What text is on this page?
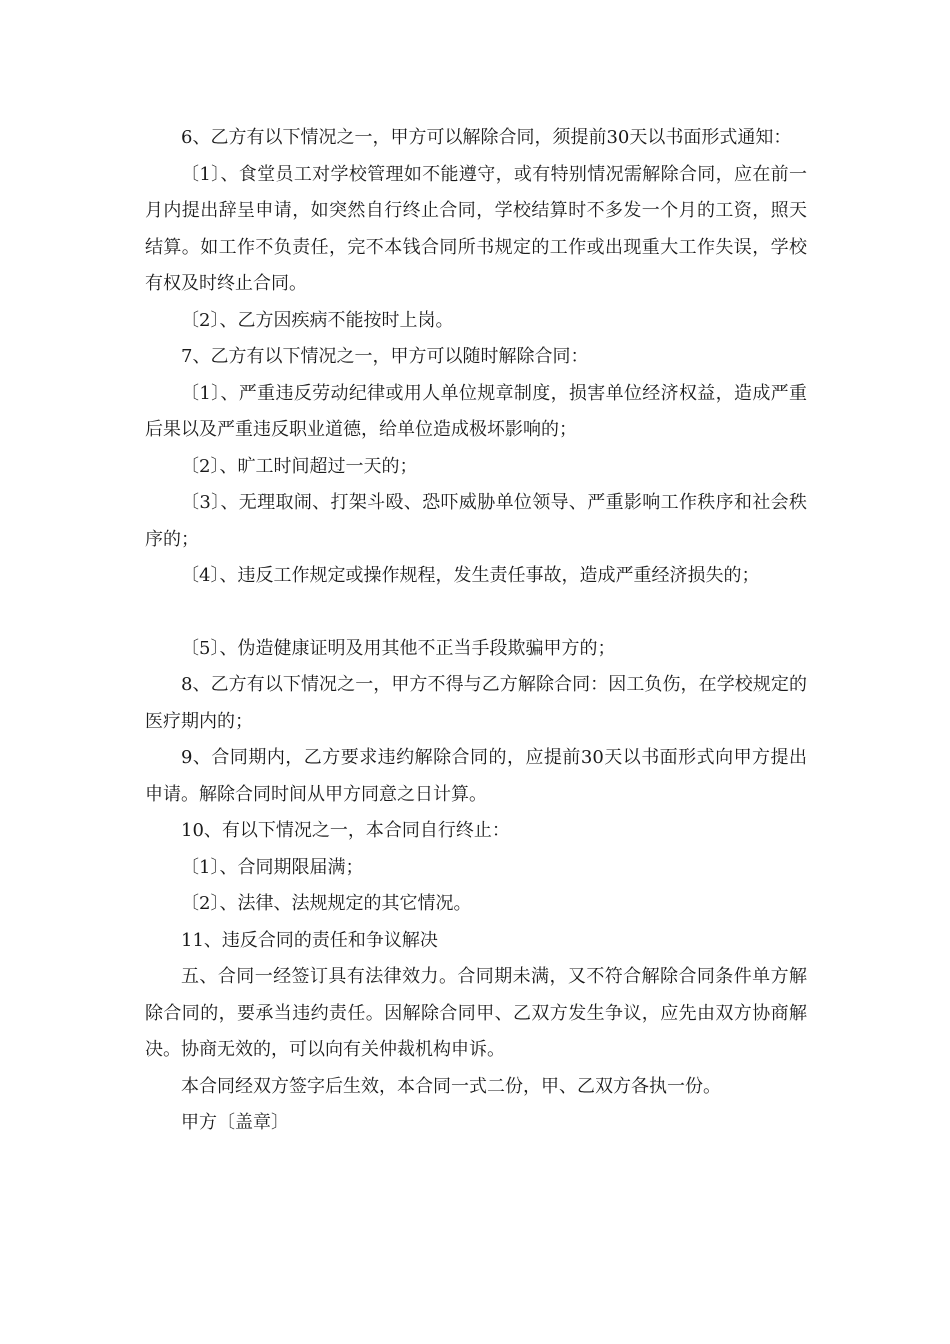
6、乙方有以下情况之一，甲方可以解除合同，须提前30天以书面形式通知：

〔1〕、食堂员工对学校管理如不能遵守，或有特别情况需解除合同，应在前一月内提出辞呈申请，如突然自行终止合同，学校结算时不多发一个月的工资，照天结算。如工作不负责任，完不本钱合同所书规定的工作或出现重大工作失误，学校有权及时终止合同。

〔2〕、乙方因疾病不能按时上岗。

7、乙方有以下情况之一，甲方可以随时解除合同：

〔1〕、严重违反劳动纪律或用人单位规章制度，损害单位经济权益，造成严重后果以及严重违反职业道德，给单位造成极坏影响的；

〔2〕、旷工时间超过一天的；

〔3〕、无理取闹、打架斗殴、恐吓威胁单位领导、严重影响工作秩序和社会秩序的；

〔4〕、违反工作规定或操作规程，发生责任事故，造成严重经济损失的；

〔5〕、伪造健康证明及用其他不正当手段欺骗甲方的；

8、乙方有以下情况之一，甲方不得与乙方解除合同：因工负伤，在学校规定的医疗期内的；

9、合同期内，乙方要求违约解除合同的，应提前30天以书面形式向甲方提出申请。解除合同时间从甲方同意之日计算。

10、有以下情况之一，本合同自行终止：

〔1〕、合同期限届满；

〔2〕、法律、法规规定的其它情况。

11、违反合同的责任和争议解决

五、合同一经签订具有法律效力。合同期未满，又不符合解除合同条件单方解除合同的，要承当违约责任。因解除合同甲、乙双方发生争议，应先由双方协商解决。协商无效的，可以向有关仲裁机构申诉。

本合同经双方签字后生效，本合同一式二份，甲、乙双方各执一份。

甲方〔盖章〕
